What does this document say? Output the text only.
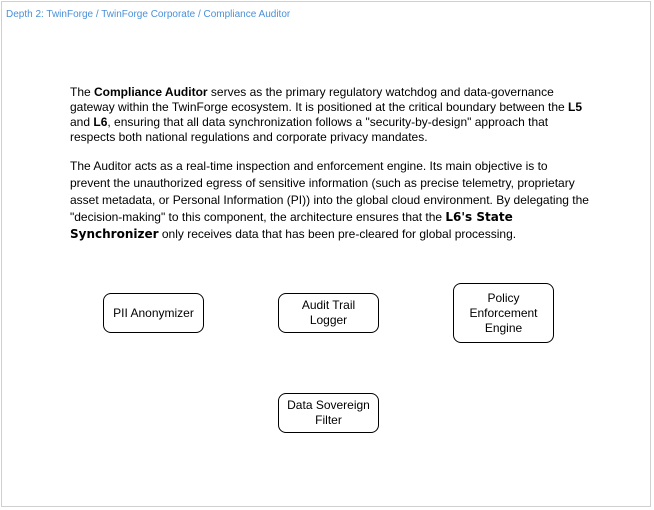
Depth 2: TwinForge / TwinForge Corporate / Compliance Auditor

The Compliance Auditor serves as the primary regulatory watchdog and data-governance gateway within the TwinForge ecosystem. It is positioned at the critical boundary between the L5 and L6, ensuring that all data synchronization follows a "security-by-design" approach that respects both national regulations and corporate privacy mandates.

The Auditor acts as a real-time inspection and enforcement engine. Its main objective is to prevent the unauthorized egress of sensitive information (such as precise telemetry, proprietary asset metadata, or Personal Information (PI)) into the global cloud environment. By delegating the "decision-making" to this component, the architecture ensures that the L6's State Synchronizer only receives data that has been pre-cleared for global processing.

PII Anonymizer
Audit Trail Logger
Policy Enforcement Engine
Data Sovereign Filter
